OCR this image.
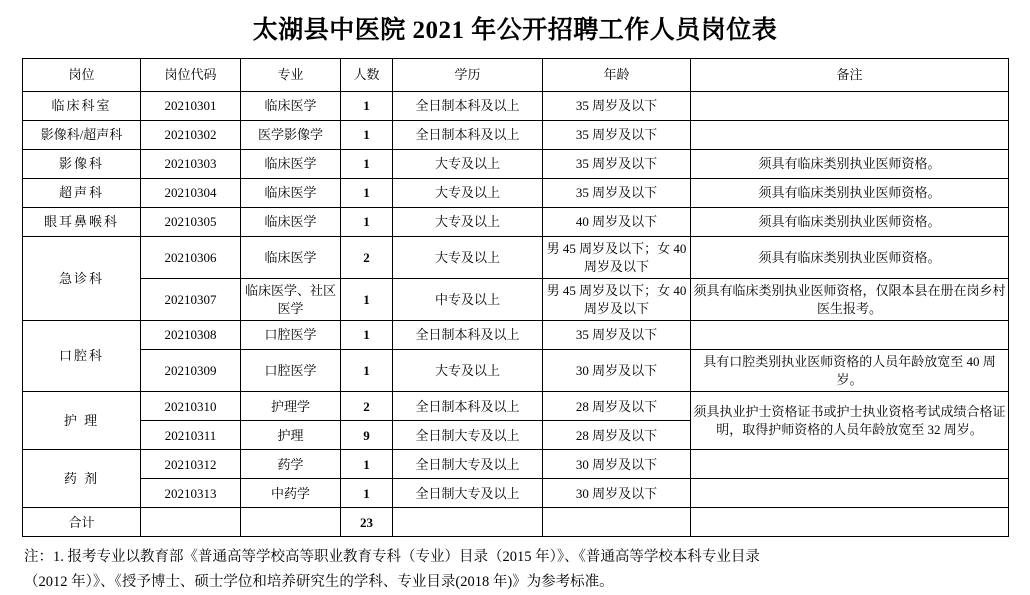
太湖县中医院 2021 年公开招聘工作人员岗位表
岗位	岗位代码	专业	人数	学历	年龄	备注
临床科室	20210301	临床医学	1	全日制本科及以上	35 周岁及以下	
影像科/超声科	20210302	医学影像学	1	全日制本科及以上	35 周岁及以下	
影像科	20210303	临床医学	1	大专及以上	35 周岁及以下	须具有临床类别执业医师资格。
超声科	20210304	临床医学	1	大专及以上	35 周岁及以下	须具有临床类别执业医师资格。
眼耳鼻喉科	20210305	临床医学	1	大专及以上	40 周岁及以下	须具有临床类别执业医师资格。
急诊科	20210306	临床医学	2	大专及以上	男 45 周岁及以下；女 40 周岁及以下	须具有临床类别执业医师资格。
	20210307	临床医学、社区医学	1	中专及以上	男 45 周岁及以下；女 40 周岁及以下	须具有临床类别执业医师资格，仅限本县在册在岗乡村医生报考。
口腔科	20210308	口腔医学	1	全日制本科及以上	35 周岁及以下	
	20210309	口腔医学	1	大专及以上	30 周岁及以下	具有口腔类别执业医师资格的人员年龄放宽至 40 周岁。
护 理	20210310	护理学	2	全日制本科及以上	28 周岁及以下	须具执业护士资格证书或护士执业资格考试成绩合格证明，取得护师资格的人员年龄放宽至 32 周岁。
	20210311	护理	9	全日制大专及以上	28 周岁及以下	
药 剂	20210312	药学	1	全日制大专及以上	30 周岁及以下	
	20210313	中药学	1	全日制大专及以上	30 周岁及以下	
合计			23			
注：1. 报考专业以教育部《普通高等学校高等职业教育专科（专业）目录（2015 年）》、《普通高等学校本科专业目录
（2012 年）》、《授予博士、硕士学位和培养研究生的学科、专业目录(2018 年)》为参考标准。
